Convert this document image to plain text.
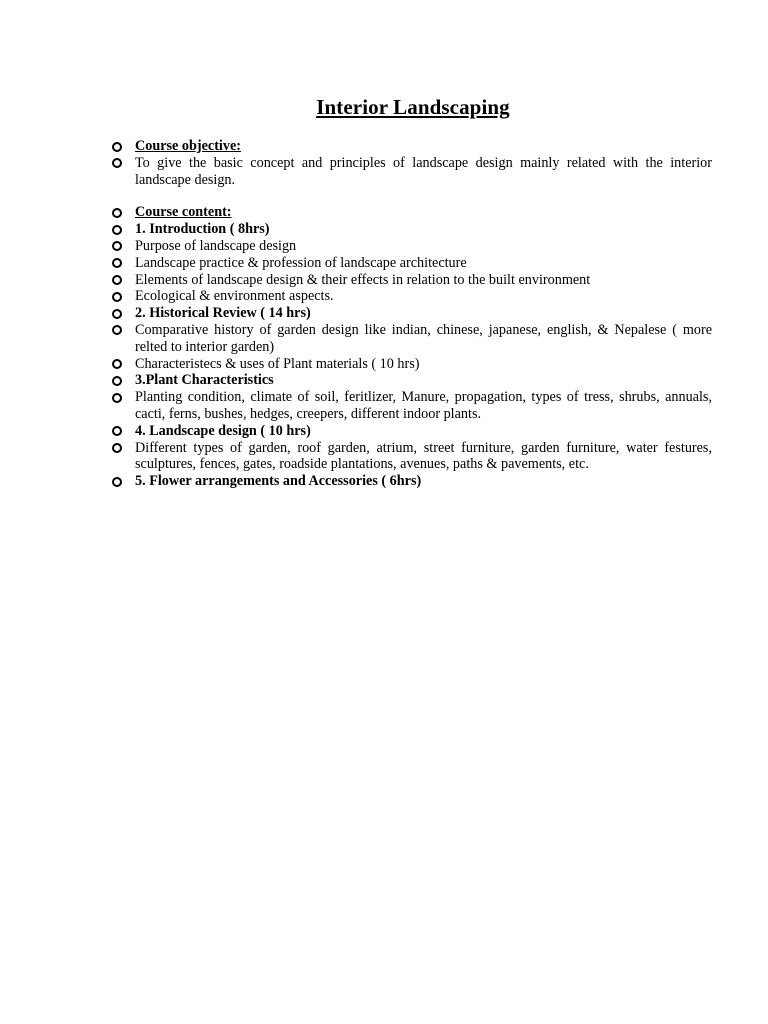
Interior Landscaping
Course objective:
To give the basic concept and principles of landscape design mainly related with the interior landscape design.
Course content:
1. Introduction ( 8hrs)
Purpose of landscape design
Landscape practice & profession of landscape architecture
Elements of landscape design & their effects in relation to the built environment
Ecological & environment aspects.
2. Historical Review ( 14 hrs)
Comparative history of garden design like indian, chinese, japanese, english, & Nepalese ( more relted to interior garden)
Characteristecs & uses of Plant materials ( 10 hrs)
3.Plant Characteristics
Planting condition, climate of soil, feritlizer, Manure, propagation, types of tress, shrubs, annuals, cacti, ferns, bushes, hedges, creepers, different indoor plants.
4. Landscape design ( 10 hrs)
Different types of garden, roof garden, atrium, street furniture, garden furniture, water festures, sculptures, fences, gates, roadside plantations, avenues, paths & pavements, etc.
5. Flower arrangements and Accessories ( 6hrs)
